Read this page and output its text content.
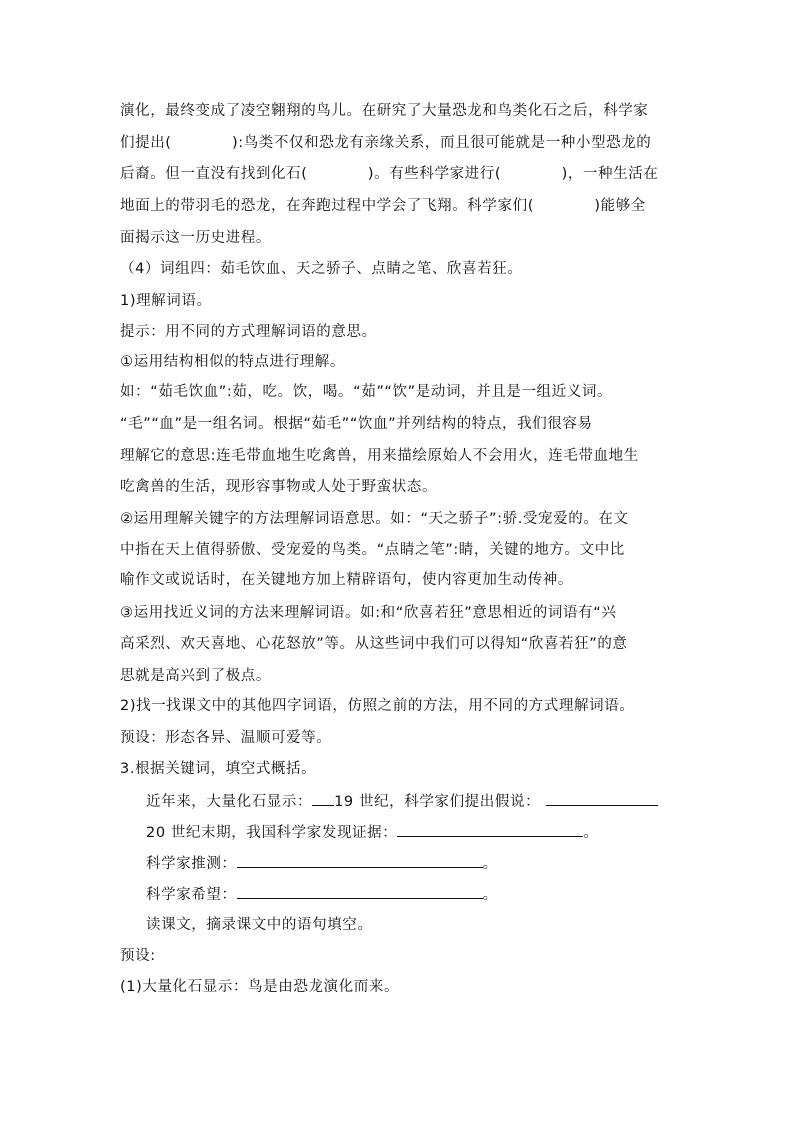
演化，最终变成了凌空翱翔的鸟儿。在研究了大量恐龙和鸟类化石之后，科学家
们提出(　　　　):鸟类不仅和恐龙有亲缘关系，而且很可能就是一种小型恐龙的
后裔。但一直没有找到化石(　　　　)。有些科学家进行(　　　　)，一种生活在
地面上的带羽毛的恐龙，在奔跑过程中学会了飞翔。科学家们(　　　　)能够全
面揭示这一历史进程。
（4）词组四：茹毛饮血、天之骄子、点睛之笔、欣喜若狂。
1)理解词语。
提示：用不同的方式理解词语的意思。
①运用结构相似的特点进行理解。
如：“茹毛饮血”:茹，吃。饮，喝。“茹”“饮”是动词，并且是一组近义词。
“毛”“血”是一组名词。根据“茹毛”“饮血”并列结构的特点，我们很容易
理解它的意思:连毛带血地生吃禽兽，用来描绘原始人不会用火，连毛带血地生
吃禽兽的生活，现形容事物或人处于野蛮状态。
②运用理解关键字的方法理解词语意思。如：“天之骄子”:骄.受宠爱的。在文
中指在天上值得骄傲、受宠爱的鸟类。“点睛之笔”:睛，关键的地方。文中比
喻作文或说话时，在关键地方加上精辟语句，使内容更加生动传神。
③运用找近义词的方法来理解词语。如:和“欣喜若狂”意思相近的词语有“兴
高采烈、欢天喜地、心花怒放”等。从这些词中我们可以得知“欣喜若狂”的意
思就是高兴到了极点。
2)找一找课文中的其他四字词语，仿照之前的方法，用不同的方式理解词语。
预设：形态各异、温顺可爱等。
3.根据关键词，填空式概括。
近年来，大量化石显示： 19 世纪，科学家们提出假说：
20 世纪末期，我国科学家发现证据：	。
科学家推测：	。
科学家希望：	。
读课文，摘录课文中的语句填空。
预设:
(1)大量化石显示：鸟是由恐龙演化而来。
